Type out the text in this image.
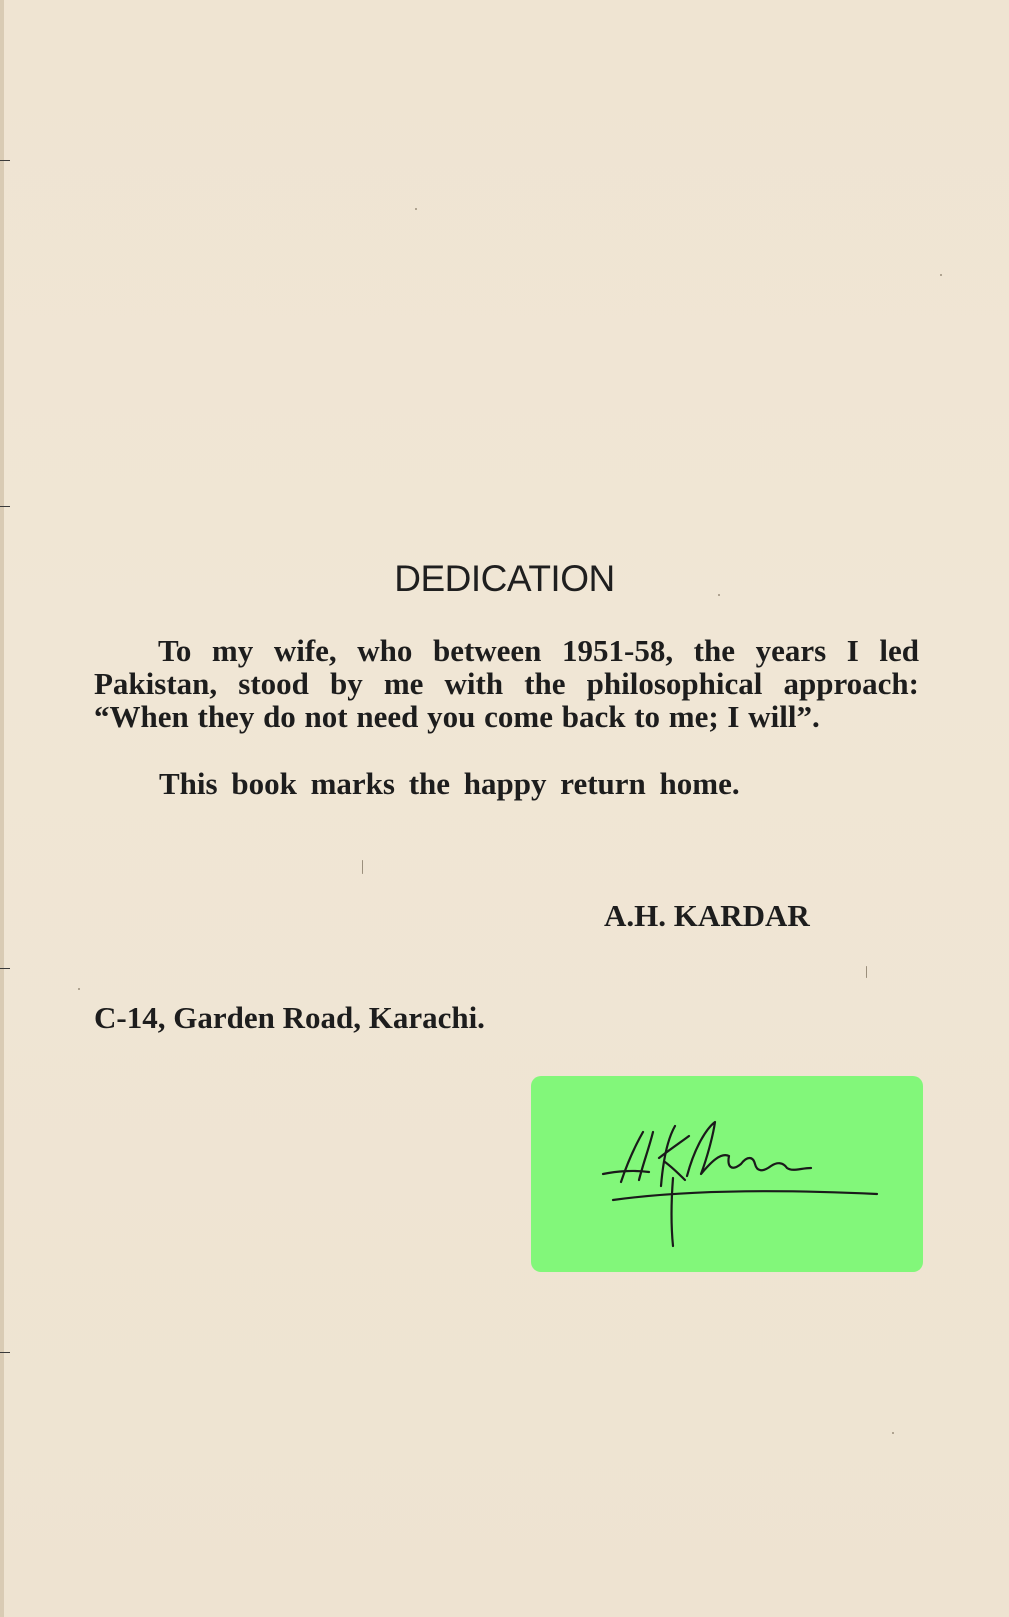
DEDICATION
To my wife, who between 1951-58, the years I led
Pakistan, stood by me with the philosophical approach:
“When they do not need you come back to me; I will”.
This book marks the happy return home.
A.H. KARDAR
C-14, Garden Road, Karachi.
